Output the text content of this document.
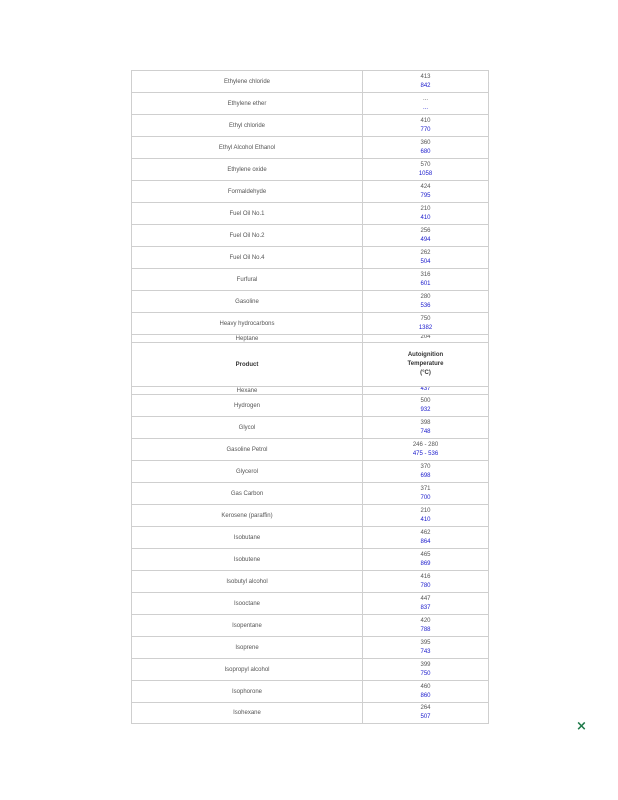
Ethylene chloride
413
842
Ethylene ether
...
...
Ethyl chloride
410
770
Ethyl Alcohol Ethanol
360
680
Ethylene oxide
570
1058
Formaldehyde
424
795
Fuel Oil No.1
210
410
Fuel Oil No.2
256
494
Fuel Oil No.4
262
504
Furfural
316
601
Gasoline
280
536
Heavy hydrocarbons
750
1382
Heptane	204
Product
Autoignition
Temperature
(°C)
Hexane	437
Hydrogen
500
932
Glycol
398
748
Gasoline Petrol
246 - 280
475 - 536
Glycerol
370
698
Gas Carbon
371
700
Kerosene (paraffin)
210
410
Isobutane
462
864
Isobutene
465
869
Isobutyl alcohol
416
780
Isooctane
447
837
Isopentane
420
788
Isoprene
395
743
Isopropyl alcohol
399
750
Isophorone
460
860
Isohexane
264
507
×
